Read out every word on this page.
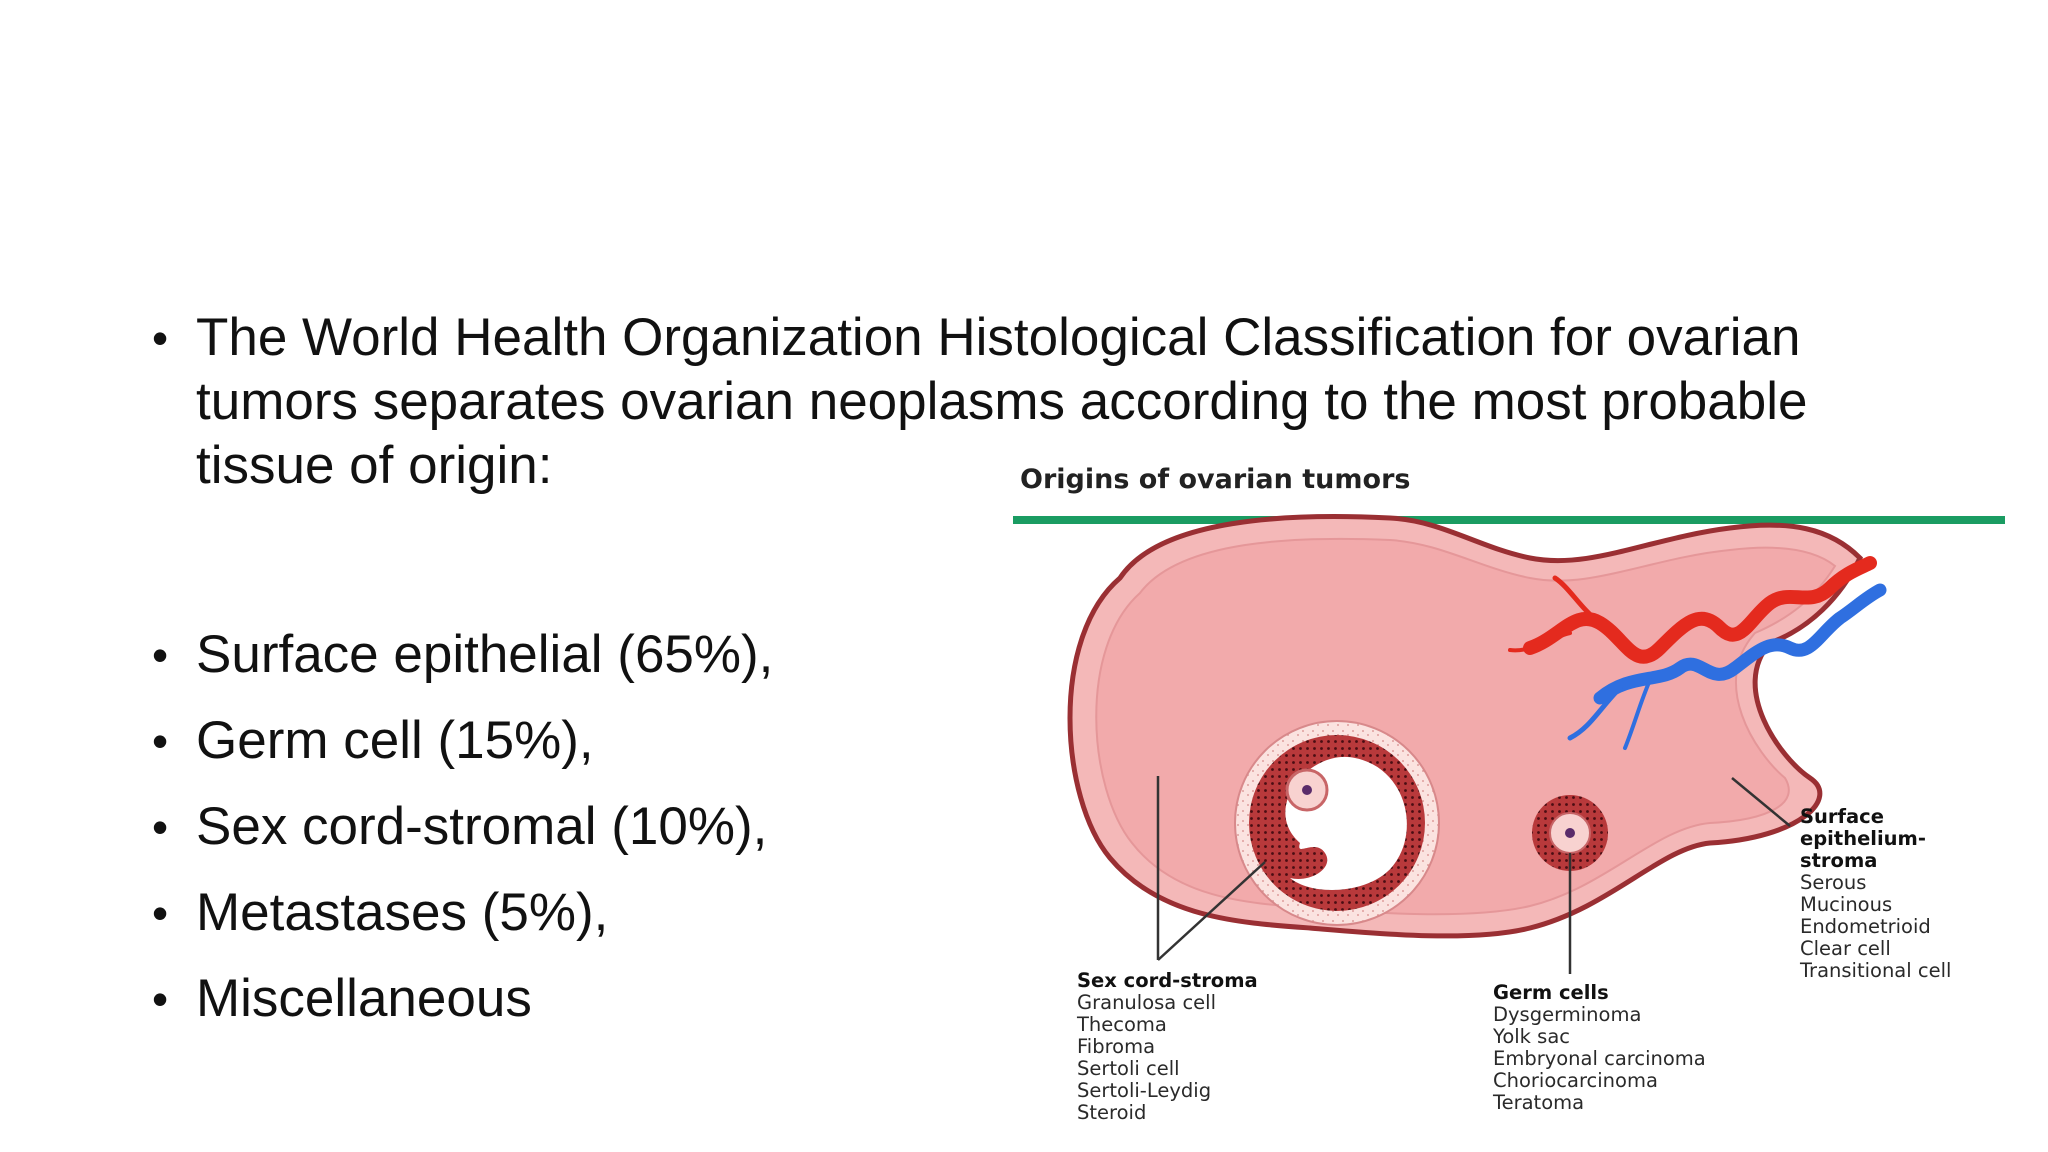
• The World Health Organization Histological Classification for ovarian tumors separates ovarian neoplasms according to the most probable tissue of origin:
• Surface epithelial (65%),
• Germ cell (15%),
• Sex cord-stromal (10%),
• Metastases (5%),
• Miscellaneous
Origins of ovarian tumors
Sex cord-stroma
Granulosa cell
Thecoma
Fibroma
Sertoli cell
Sertoli-Leydig
Steroid
Germ cells
Dysgerminoma
Yolk sac
Embryonal carcinoma
Choriocarcinoma
Teratoma
Surface
epithelium-
stroma
Serous
Mucinous
Endometrioid
Clear cell
Transitional cell
